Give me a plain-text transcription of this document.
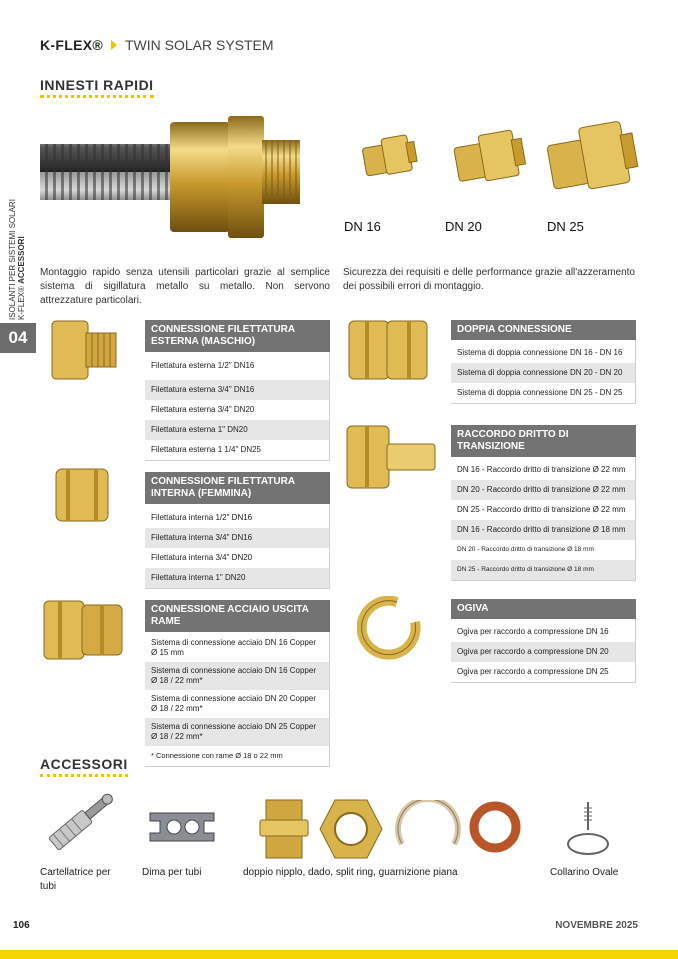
K-FLEX® TWIN SOLAR SYSTEM
ISOLANTI PER SISTEMI SOLARI K-FLEX® ACCESSORI
04
INNESTI RAPIDI
DN 16	DN 20	DN 25
Montaggio rapido senza utensili particolari grazie al semplice sistema di sigillatura metallo su metallo. Non servono attrezzature particolari.
Sicurezza dei requisiti e delle performance grazie all'azzeramento dei possibili errori di montaggio.
CONNESSIONE FILETTATURA ESTERNA (MASCHIO)
Filettatura esterna 1/2" DN16
Filettatura esterna 3/4" DN16
Filettatura esterna 3/4" DN20
Filettatura esterna 1" DN20
Filettatura esterna 1 1/4" DN25
CONNESSIONE FILETTATURA INTERNA (FEMMINA)
Filettatura interna 1/2" DN16
Filettatura interna 3/4" DN16
Filettatura interna 3/4" DN20
Filettatura interna 1" DN20
CONNESSIONE ACCIAIO USCITA RAME
Sistema di connessione acciaio DN 16 Copper Ø 15 mm
Sistema di connessione acciaio DN 16 Copper Ø 18 / 22 mm*
Sistema di connessione acciaio DN 20 Copper Ø 18 / 22 mm*
Sistema di connessione acciaio DN 25 Copper Ø 18 / 22 mm*
* Connessione con rame Ø 18 o 22 mm
DOPPIA CONNESSIONE
Sistema di doppia connessione DN 16 - DN 16
Sistema di doppia connessione DN 20 - DN 20
Sistema di doppia connessione DN 25 - DN 25
RACCORDO DRITTO DI TRANSIZIONE
DN 16 - Raccordo dritto di transizione Ø 22 mm
DN 20 - Raccordo dritto di transizione Ø 22 mm
DN 25 - Raccordo dritto di transizione Ø 22 mm
DN 16 - Raccordo dritto di transizione Ø 18 mm
DN 20 - Raccordo dritto di transizione Ø 18 mm
DN 25 - Raccordo dritto di transizione Ø 18 mm
OGIVA
Ogiva per raccordo a compressione DN 16
Ogiva per raccordo a compressione DN 20
Ogiva per raccordo a compressione DN 25
ACCESSORI
Cartellatrice per tubi
Dima per tubi	doppio nipplo, dado, split ring, guarnizione piana	Collarino Ovale
106	NOVEMBRE 2025
